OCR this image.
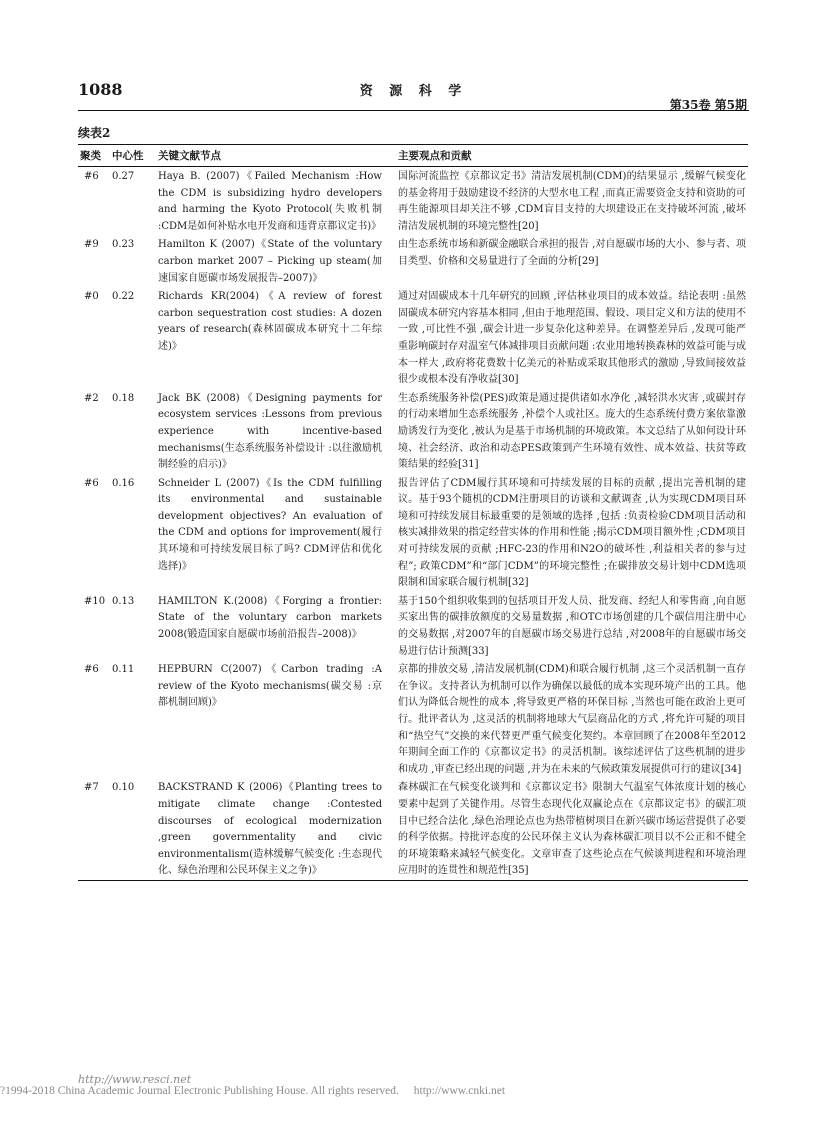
1088	资 源 科 学
第35卷 第5期
续表2
聚类	中心性	关键文献节点	主要观点和贡献
#6	0.27	Haya B. (2007)《Failed Mechanism :How the CDM is subsidizing hydro developers and harming the Kyoto Protocol(失败机制 :CDM是如何补贴水电开发商和违背京都议定书)》	国际河流监控《京都议定书》清洁发展机制(CDM)的结果显示 ,缓解气候变化的基金将用于鼓励建设不经济的大型水电工程 ,而真正需要资金支持和资助的可再生能源项目却关注不够 ,CDM盲目支持的大坝建设正在支持破坏河流 ,破坏清洁发展机制的环境完整性[20]
#9	0.23	Hamilton K (2007)《State of the voluntary carbon market 2007 – Picking up steam(加速国家自愿碳市场发展报告–2007)》	由生态系统市场和新碳金融联合承担的报告 ,对自愿碳市场的大小、参与者、项目类型、价格和交易量进行了全面的分析[29]
#0	0.22	Richards KR(2004)《A review of forest carbon sequestration cost studies: A dozen years of research(森林固碳成本研究十二年综述)》	通过对固碳成本十几年研究的回顾 ,评估林业项目的成本效益。结论表明 :虽然固碳成本研究内容基本相同 ,但由于地理范围、假设、项目定义和方法的使用不一致 ,可比性不强 ,碳会计进一步复杂化这种差异。在调整差异后 ,发现可能严重影响碳封存对温室气体减排项目贡献问题 :农业用地转换森林的效益可能与成本一样大 ,政府将花费数十亿美元的补贴或采取其他形式的激励 ,导致间接效益很少或根本没有净收益[30]
#2	0.18	Jack BK (2008)《Designing payments for ecosystem services :Lessons from previous experience with incentive-based mechanisms(生态系统服务补偿设计 :以往激励机制经验的启示)》	生态系统服务补偿(PES)政策是通过提供诸如水净化 ,减轻洪水灾害 ,或碳封存的行动来增加生态系统服务 ,补偿个人或社区。庞大的生态系统付费方案依靠激励诱发行为变化 ,被认为是基于市场机制的环境政策。本文总结了从如何设计环境、社会经济、政治和动态PES政策到产生环境有效性、成本效益、扶贫等政策结果的经验[31]
#6	0.16	Schneider L (2007)《Is the CDM fulfilling its environmental and sustainable development objectives? An evaluation of the CDM and options for improvement(履行其环境和可持续发展目标了吗? CDM评估和优化选择)》	报告评估了CDM履行其环境和可持续发展的目标的贡献 ,提出完善机制的建议。基于93个随机的CDM注册项目的访谈和文献调查 ,认为实现CDM项目环境和可持续发展目标最重要的是领域的选择 ,包括 :负责检验CDM项目活动和核实减排效果的指定经营实体的作用和性能 ;揭示CDM项目额外性 ;CDM项目对可持续发展的贡献 ;HFC-23的作用和N2O的破坏性 ,利益相关者的参与过程”; 政策CDM”和“部门CDM”的环境完整性 ;在碳排放交易计划中CDM选项限制和国家联合履行机制[32]
#10	0.13	HAMILTON K.(2008)《Forging a frontier: State of the voluntary carbon markets 2008(锻造国家自愿碳市场前沿报告–2008)》	基于150个组织收集到的包括项目开发人员、批发商、经纪人和零售商 ,向自愿买家出售的碳排放额度的交易量数据 ,和OTC市场创建的几个碳信用注册中心的交易数据 ,对2007年的自愿碳市场交易进行总结 ,对2008年的自愿碳市场交易进行估计预测[33]
#6	0.11	HEPBURN C(2007)《Carbon trading :A review of the Kyoto mechanisms(碳交易 :京都机制回顾)》	京都的排放交易 ,清洁发展机制(CDM)和联合履行机制 ,这三个灵活机制一直存在争议。支持者认为机制可以作为确保以最低的成本实现环境产出的工具。他们认为降低合规性的成本 ,将导致更严格的环保目标 ,当然也可能在政治上更可行。批评者认为 ,这灵活的机制将地球大气层商品化的方式 ,将允许可疑的项目和“热空气”交换的来代替更严重气候变化契约。本章回顾了在2008年至2012年期间全面工作的《京都议定书》的灵活机制。该综述评估了这些机制的进步和成功 ,审查已经出现的问题 ,并为在未来的气候政策发展提供可行的建议[34]
#7	0.10	BACKSTRAND K (2006)《Planting trees to mitigate climate change :Contested discourses of ecological modernization ,green governmentality and civic environmentalism(造林缓解气候变化 :生态现代化、绿色治理和公民环保主义之争)》	森林碳汇在气候变化谈判和《京都议定书》限制大气温室气体浓度计划的核心要素中起到了关键作用。尽管生态现代化双赢论点在《京都议定书》的碳汇项目中已经合法化 ,绿色治理论点也为热带植树项目在新兴碳市场运营提供了必要的科学依据。持批评态度的公民环保主义认为森林碳汇项目以不公正和不健全的环境策略来减轻气候变化。文章审查了这些论点在气候谈判进程和环境治理应用时的连贯性和规范性[35]
http://www.resci.net
?1994-2018 China Academic Journal Electronic Publishing House. All rights reserved. http://www.cnki.net
